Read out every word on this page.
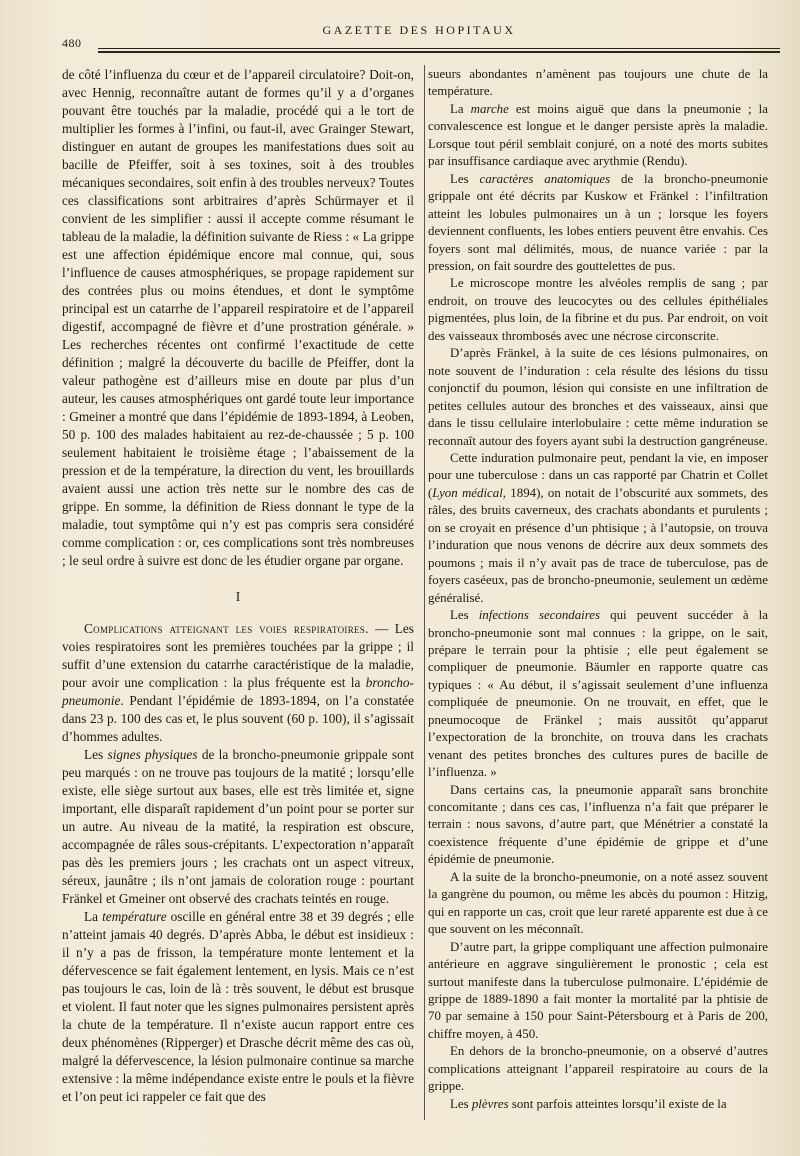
480
GAZETTE DES HOPITAUX

de côté l’influenza du cœur et de l’appareil circulatoire? Doit-on, avec Hennig, reconnaître autant de formes qu’il y a d’organes pouvant être touchés par la maladie, procédé qui a le tort de multiplier les formes à l’infini, ou faut-il, avec Grainger Stewart, distinguer en autant de groupes les manifestations dues soit au bacille de Pfeiffer, soit à ses toxines, soit à des troubles mécaniques secondaires, soit enfin à des troubles nerveux? Toutes ces classifications sont arbitraires d’après Schürmayer et il convient de les simplifier : aussi il accepte comme résumant le tableau de la maladie, la définition suivante de Riess : « La grippe est une affection épidémique encore mal connue, qui, sous l’influence de causes atmosphériques, se propage rapidement sur des contrées plus ou moins étendues, et dont le symptôme principal est un catarrhe de l’appareil respiratoire et de l’appareil digestif, accompagné de fièvre et d’une prostration générale. » Les recherches récentes ont confirmé l’exactitude de cette définition ; malgré la découverte du bacille de Pfeiffer, dont la valeur pathogène est d’ailleurs mise en doute par plus d’un auteur, les causes atmosphériques ont gardé toute leur importance : Gmeiner a montré que dans l’épidémie de 1893-1894, à Leoben, 50 p. 100 des malades habitaient au rez-de-chaussée ; 5 p. 100 seulement habitaient le troisième étage ; l’abaissement de la pression et de la température, la direction du vent, les brouillards avaient aussi une action très nette sur le nombre des cas de grippe. En somme, la définition de Riess donnant le type de la maladie, tout symptôme qui n’y est pas compris sera considéré comme complication : or, ces complications sont très nombreuses ; le seul ordre à suivre est donc de les étudier organe par organe.

I

Complications atteignant les voies respiratoires. — Les voies respiratoires sont les premières touchées par la grippe ; il suffit d’une extension du catarrhe caractéristique de la maladie, pour avoir une complication : la plus fréquente est la broncho-pneumonie. Pendant l’épidémie de 1893-1894, on l’a constatée dans 23 p. 100 des cas et, le plus souvent (60 p. 100), il s’agissait d’hommes adultes.

Les signes physiques de la broncho-pneumonie grippale sont peu marqués : on ne trouve pas toujours de la matité ; lorsqu’elle existe, elle siège surtout aux bases, elle est très limitée et, signe important, elle disparaît rapidement d’un point pour se porter sur un autre. Au niveau de la matité, la respiration est obscure, accompagnée de râles sous-crépitants. L’expectoration n’apparaît pas dès les premiers jours ; les crachats ont un aspect vitreux, séreux, jaunâtre ; ils n’ont jamais de coloration rouge : pourtant Fränkel et Gmeiner ont observé des crachats teintés en rouge.

La température oscille en général entre 38 et 39 degrés ; elle n’atteint jamais 40 degrés. D’après Abba, le début est insidieux : il n’y a pas de frisson, la température monte lentement et la défervescence se fait également lentement, en lysis. Mais ce n’est pas toujours le cas, loin de là : très souvent, le début est brusque et violent. Il faut noter que les signes pulmonaires persistent après la chute de la température. Il n’existe aucun rapport entre ces deux phénomènes (Ripperger) et Drasche décrit même des cas où, malgré la défervescence, la lésion pulmonaire continue sa marche extensive : la même indépendance existe entre le pouls et la fièvre et l’on peut ici rappeler ce fait que des

sueurs abondantes n’amènent pas toujours une chute de la température.

La marche est moins aiguë que dans la pneumonie ; la convalescence est longue et le danger persiste après la maladie. Lorsque tout péril semblait conjuré, on a noté des morts subites par insuffisance cardiaque avec arythmie (Rendu).

Les caractères anatomiques de la broncho-pneumonie grippale ont été décrits par Kuskow et Fränkel : l’infiltration atteint les lobules pulmonaires un à un ; lorsque les foyers deviennent confluents, les lobes entiers peuvent être envahis. Ces foyers sont mal délimités, mous, de nuance variée : par la pression, on fait sourdre des gouttelettes de pus.

Le microscope montre les alvéoles remplis de sang ; par endroit, on trouve des leucocytes ou des cellules épithéliales pigmentées, plus loin, de la fibrine et du pus. Par endroit, on voit des vaisseaux thrombosés avec une nécrose circonscrite.

D’après Fränkel, à la suite de ces lésions pulmonaires, on note souvent de l’induration : cela résulte des lésions du tissu conjonctif du poumon, lésion qui consiste en une infiltration de petites cellules autour des bronches et des vaisseaux, ainsi que dans le tissu cellulaire interlobulaire : cette même induration se reconnaît autour des foyers ayant subi la destruction gangréneuse.

Cette induration pulmonaire peut, pendant la vie, en imposer pour une tuberculose : dans un cas rapporté par Chatrin et Collet (Lyon médical, 1894), on notait de l’obscurité aux sommets, des râles, des bruits caverneux, des crachats abondants et purulents ; on se croyait en présence d’un phtisique ; à l’autopsie, on trouva l’induration que nous venons de décrire aux deux sommets des poumons ; mais il n’y avait pas de trace de tuberculose, pas de foyers caséeux, pas de broncho-pneumonie, seulement un œdème généralisé.

Les infections secondaires qui peuvent succéder à la broncho-pneumonie sont mal connues : la grippe, on le sait, prépare le terrain pour la phtisie ; elle peut également se compliquer de pneumonie. Bäumler en rapporte quatre cas typiques : « Au début, il s’agissait seulement d’une influenza compliquée de pneumonie. On ne trouvait, en effet, que le pneumocoque de Fränkel ; mais aussitôt qu’apparut l’expectoration de la bronchite, on trouva dans les crachats venant des petites bronches des cultures pures de bacille de l’influenza. »

Dans certains cas, la pneumonie apparaît sans bronchite concomitante ; dans ces cas, l’influenza n’a fait que préparer le terrain : nous savons, d’autre part, que Ménétrier a constaté la coexistence fréquente d’une épidémie de grippe et d’une épidémie de pneumonie.

A la suite de la broncho-pneumonie, on a noté assez souvent la gangrène du poumon, ou même les abcès du poumon : Hitzig, qui en rapporte un cas, croit que leur rareté apparente est due à ce que souvent on les méconnaît.

D’autre part, la grippe compliquant une affection pulmonaire antérieure en aggrave singulièrement le pronostic ; cela est surtout manifeste dans la tuberculose pulmonaire. L’épidémie de grippe de 1889-1890 a fait monter la mortalité par la phtisie de 70 par semaine à 150 pour Saint-Pétersbourg et à Paris de 200, chiffre moyen, à 450.

En dehors de la broncho-pneumonie, on a observé d’autres complications atteignant l’appareil respiratoire au cours de la grippe.

Les plèvres sont parfois atteintes lorsqu’il existe de la
